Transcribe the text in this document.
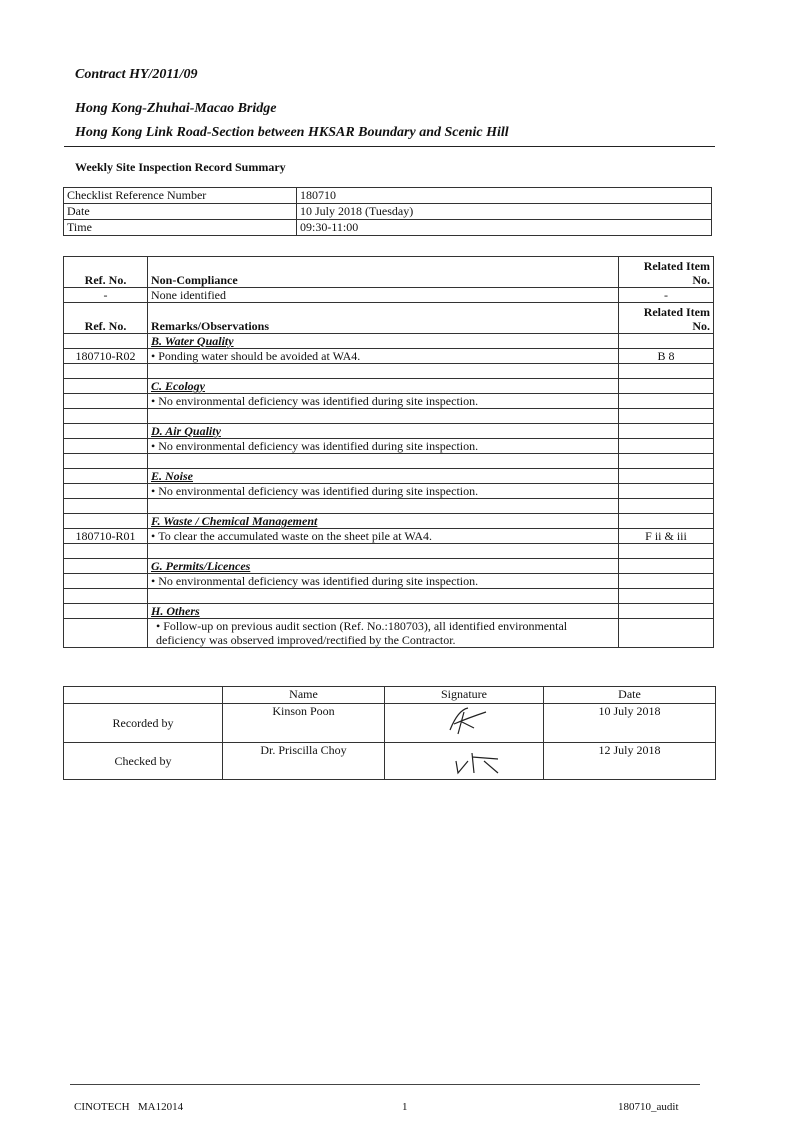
Contract HY/2011/09
Hong Kong-Zhuhai-Macao Bridge
Hong Kong Link Road-Section between HKSAR Boundary and Scenic Hill
Weekly Site Inspection Record Summary
Checklist Reference Number	180710
Date	10 July 2018 (Tuesday)
Time	09:30-11:00
Ref. No.	Non-Compliance	Related Item
No.
-	None identified	-
Ref. No.	Remarks/Observations	Related Item
No.
	B. Water Quality	
180710-R02	• Ponding water should be avoided at WA4.	B 8

	C. Ecology	
	• No environmental deficiency was identified during site inspection.	

	D. Air Quality	
	• No environmental deficiency was identified during site inspection.	

	E. Noise	
	• No environmental deficiency was identified during site inspection.	

	F. Waste / Chemical Management	
180710-R01	• To clear the accumulated waste on the sheet pile at WA4.	F ii & iii

	G. Permits/Licences	
	• No environmental deficiency was identified during site inspection.	

	H. Others	
	• Follow-up on previous audit section (Ref. No.:180703), all identified environmental deficiency was observed improved/rectified by the Contractor.	
	Name	Signature	Date
Recorded by	Kinson Poon		10 July 2018
Checked by	Dr. Priscilla Choy		12 July 2018
CINOTECH   MA12014	1	180710_audit
